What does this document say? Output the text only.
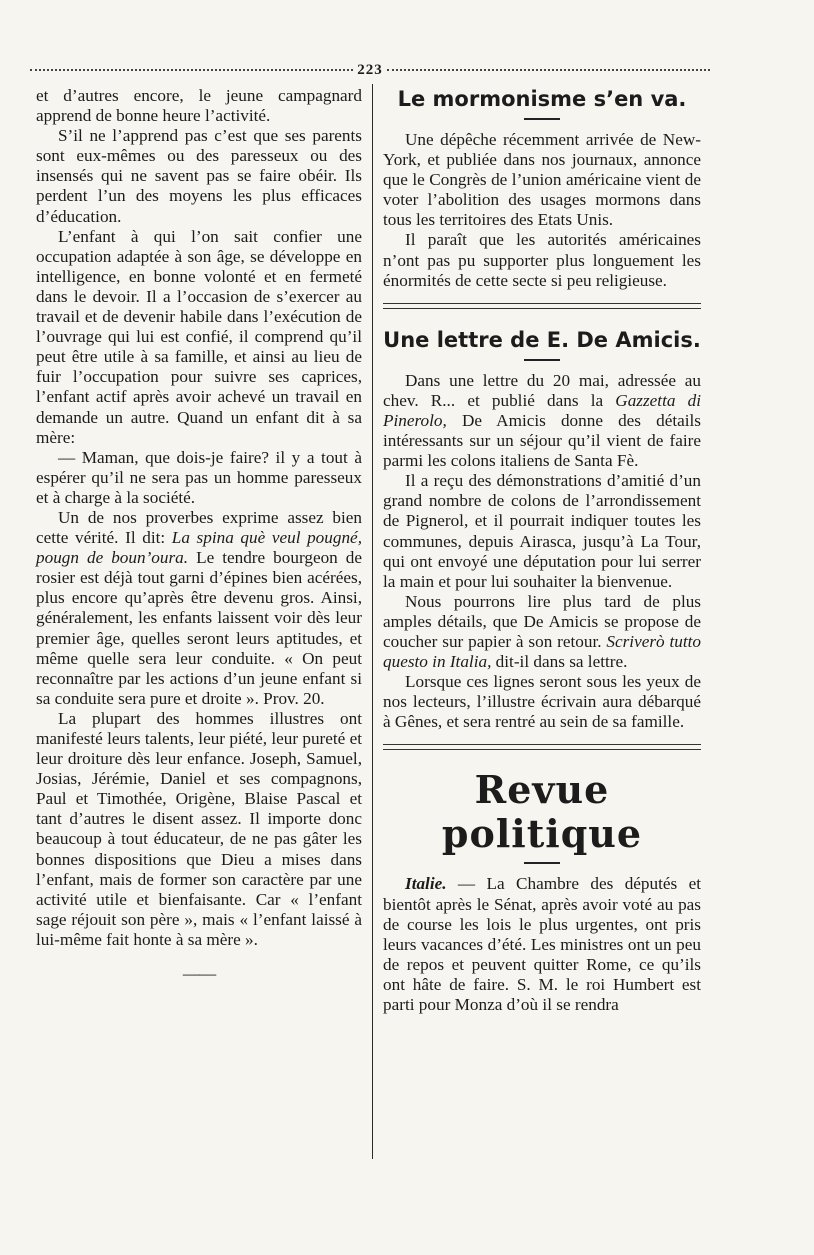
223

et d’autres encore, le jeune campagnard apprend de bonne heure l’activité.

S’il ne l’apprend pas c’est que ses parents sont eux-mêmes ou des paresseux ou des insensés qui ne savent pas se faire obéir. Ils perdent l’un des moyens les plus efficaces d’éducation.

L’enfant à qui l’on sait confier une occupation adaptée à son âge, se développe en intelligence, en bonne volonté et en fermeté dans le devoir. Il a l’occasion de s’exercer au travail et de devenir habile dans l’exécution de l’ouvrage qui lui est confié, il comprend qu’il peut être utile à sa famille, et ainsi au lieu de fuir l’occupation pour suivre ses caprices, l’enfant actif après avoir achevé un travail en demande un autre. Quand un enfant dit à sa mère:

— Maman, que dois-je faire? il y a tout à espérer qu’il ne sera pas un homme paresseux et à charge à la société.

Un de nos proverbes exprime assez bien cette vérité. Il dit: La spina què veul pougné, pougn de boun’oura. Le tendre bourgeon de rosier est déjà tout garni d’épines bien acérées, plus encore qu’après être devenu gros. Ainsi, généralement, les enfants laissent voir dès leur premier âge, quelles seront leurs aptitudes, et même quelle sera leur conduite. « On peut reconnaître par les actions d’un jeune enfant si sa conduite sera pure et droite ». Prov. 20.

La plupart des hommes illustres ont manifesté leurs talents, leur piété, leur pureté et leur droiture dès leur enfance. Joseph, Samuel, Josias, Jérémie, Daniel et ses compagnons, Paul et Timothée, Origène, Blaise Pascal et tant d’autres le disent assez. Il importe donc beaucoup à tout éducateur, de ne pas gâter les bonnes dispositions que Dieu a mises dans l’enfant, mais de former son caractère par une activité utile et bienfaisante. Car « l’enfant sage réjouit son père », mais « l’enfant laissé à lui-même fait honte à sa mère ».

——

Le mormonisme s’en va.

Une dépêche récemment arrivée de New-York, et publiée dans nos journaux, annonce que le Congrès de l’union américaine vient de voter l’abolition des usages mormons dans tous les territoires des Etats Unis.

Il paraît que les autorités américaines n’ont pas pu supporter plus longuement les énormités de cette secte si peu religieuse.

Une lettre de E. De Amicis.

Dans une lettre du 20 mai, adressée au chev. R... et publié dans la Gazzetta di Pinerolo, De Amicis donne des détails intéressants sur un séjour qu’il vient de faire parmi les colons italiens de Santa Fè.

Il a reçu des démonstrations d’amitié d’un grand nombre de colons de l’arrondissement de Pignerol, et il pourrait indiquer toutes les communes, depuis Airasca, jusqu’à La Tour, qui ont envoyé une députation pour lui serrer la main et pour lui souhaiter la bienvenue.

Nous pourrons lire plus tard de plus amples détails, que De Amicis se propose de coucher sur papier à son retour. Scriverò tutto questo in Italia, dit-il dans sa lettre.

Lorsque ces lignes seront sous les yeux de nos lecteurs, l’illustre écrivain aura débarqué à Gênes, et sera rentré au sein de sa famille.

Revue politique

Italie. — La Chambre des députés et bientôt après le Sénat, après avoir voté au pas de course les lois le plus urgentes, ont pris leurs vacances d’été. Les ministres ont un peu de repos et peuvent quitter Rome, ce qu’ils ont hâte de faire. S. M. le roi Humbert est parti pour Monza d’où il se rendra
